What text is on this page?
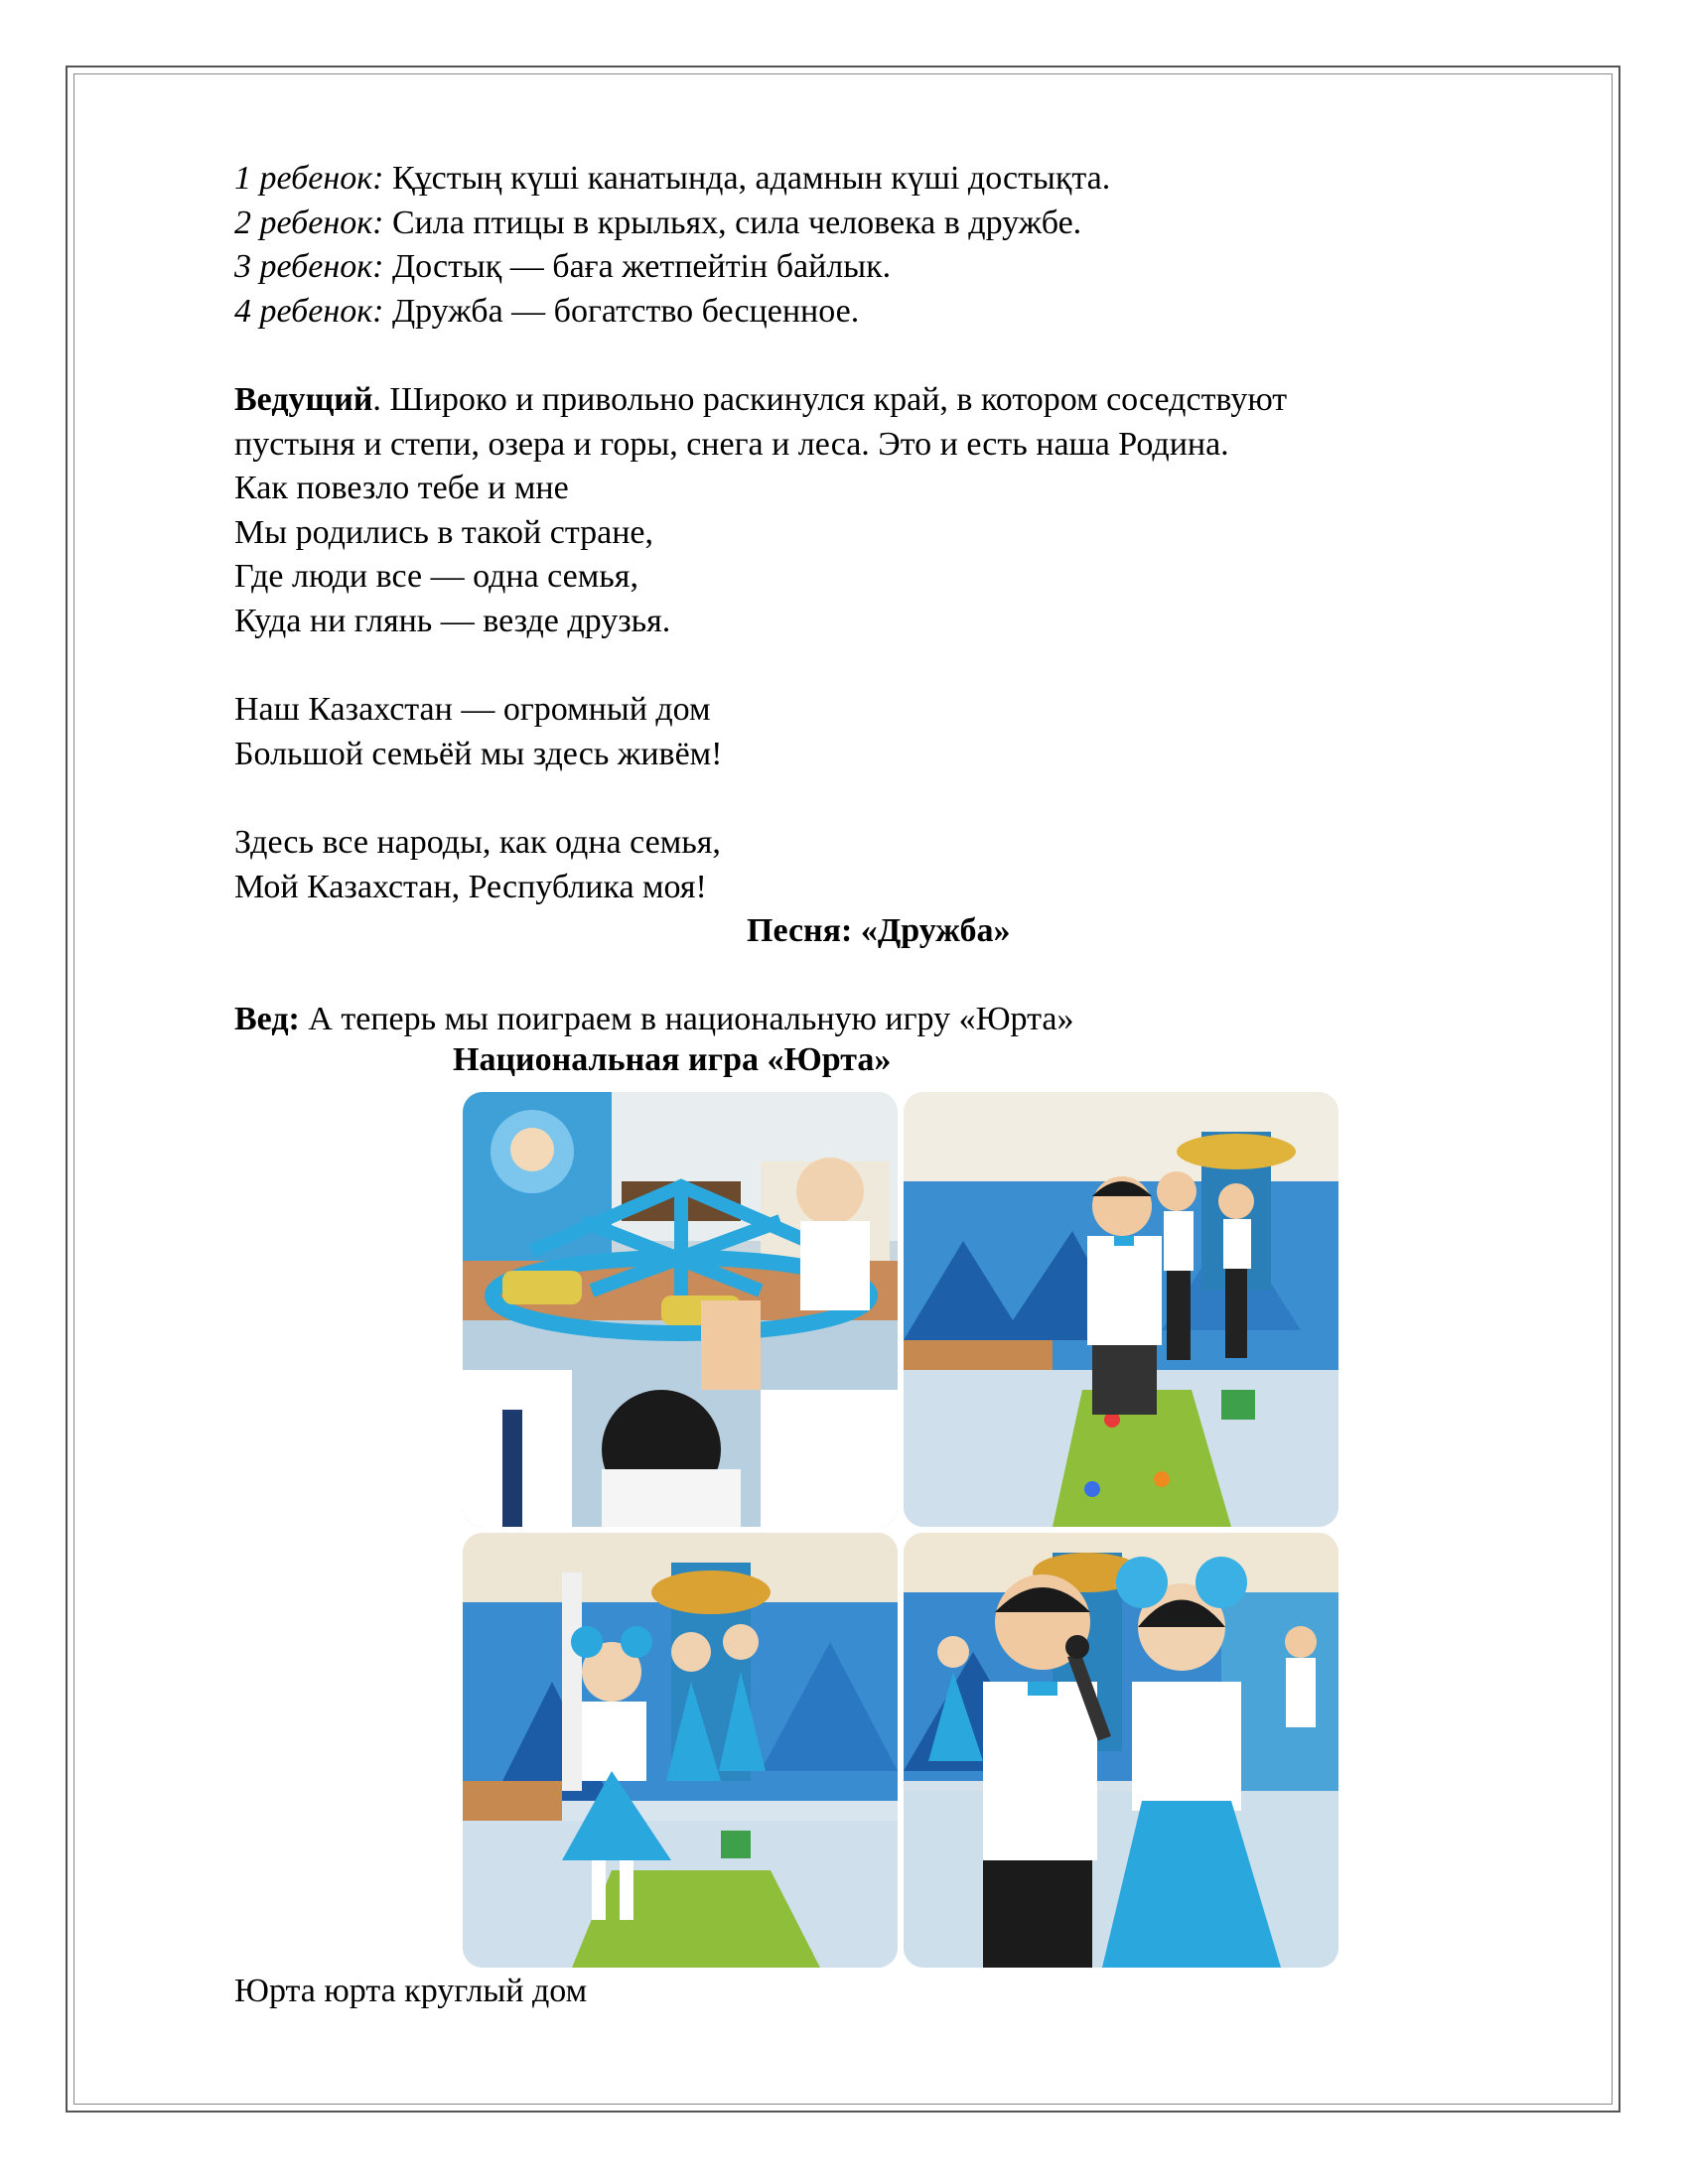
1 ребенок: Құстың күші канатында, адамнын күші достықта.
2 ребенок: Сила птицы в крыльях, сила человека в дружбе.
3 ребенок: Достық — баға жетпейтін байлык.
4 ребенок: Дружба — богатство бесценное.
Ведущий. Широко и привольно раскинулся край, в котором соседствуют
пустыня и степи, озера и горы, снега и леса. Это и есть наша Родина.
Как повезло тебе и мне
Мы родились в такой стране,
Где люди все — одна семья,
Куда ни глянь — везде друзья.
Наш Казахстан — огромный дом
Большой семьёй мы здесь живём!
Здесь все народы, как одна семья,
Мой Казахстан, Республика моя!
Песня: «Дружба»
Вед: А теперь мы поиграем в национальную игру «Юрта»
Национальная игра «Юрта»
Юрта юрта круглый дом
